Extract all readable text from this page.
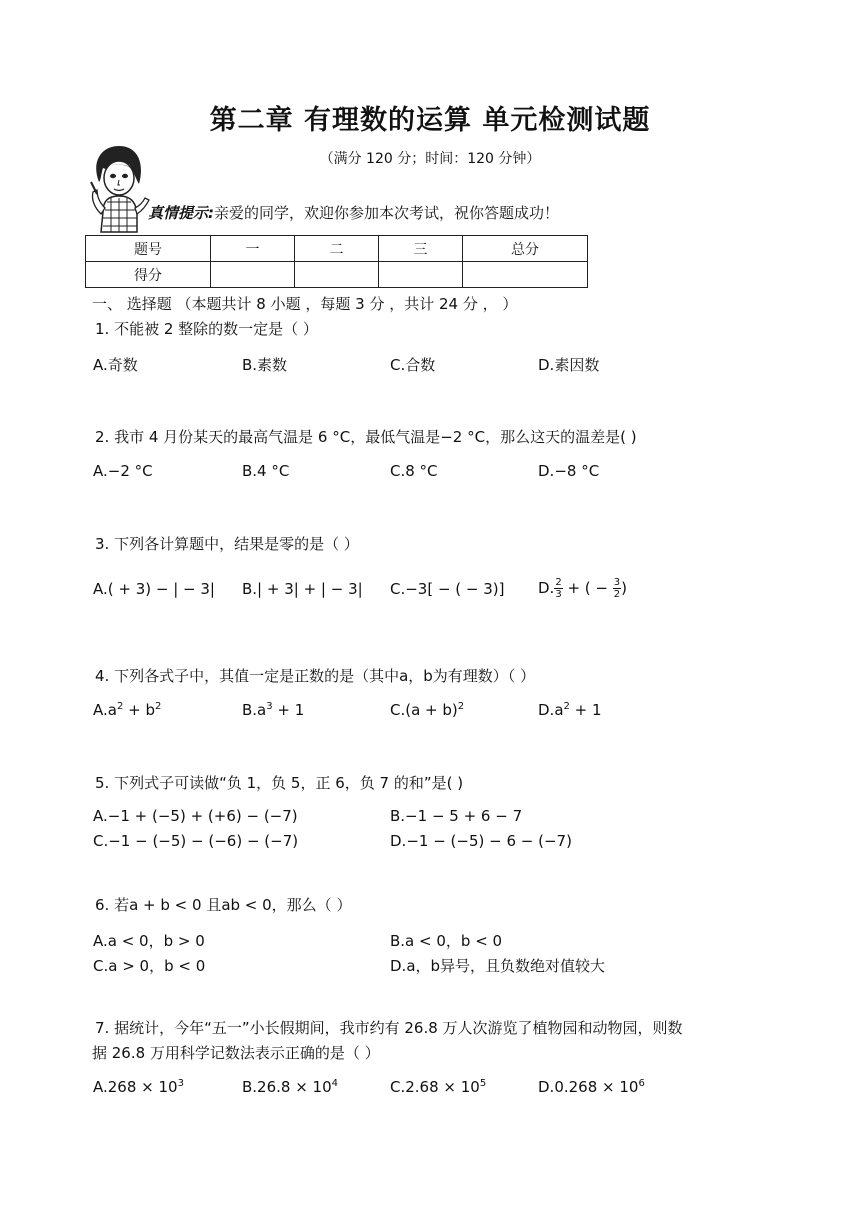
第二章 有理数的运算 单元检测试题
（满分 120 分；时间：120 分钟）
真情提示:亲爱的同学，欢迎你参加本次考试，祝你答题成功！
题号	一	二	三	总分
得分				
一、 选择题 （本题共计 8 小题 ，每题 3 分 ，共计 24 分 ， ）
1. 不能被 2 整除的数一定是（ ）
A.奇数	B.素数	C.合数	D.素因数
2. 我市 4 月份某天的最高气温是 6 °C，最低气温是−2 °C，那么这天的温差是( )
A.−2 °C	B.4 °C	C.8 °C	D.−8 °C
3. 下列各计算题中，结果是零的是（ ）
A.( + 3) − | − 3| B.| + 3| + | − 3| C.−3[ − ( − 3)] D. $\frac{2}{3}$ + ( − $\frac{3}{2}$ )
4. 下列各式子中，其值一定是正数的是（其中a，b为有理数）（ ）
$A.a^2 + b^2$	$B.a^3 + 1$	$C.(a + b)^2$	$D.a^2 + 1$
5. 下列式子可读做“负 1，负 5，正 6，负 7 的和”是( )
A.−1 + (−5) + (+6) − (−7)	B.−1 − 5 + 6 − 7
C.−1 − (−5) − (−6) − (−7)	D.−1 − (−5) − 6 − (−7)
6. 若a + b < 0 且ab < 0，那么（ ）
A.a < 0，b > 0	B.a < 0，b < 0
C.a > 0，b < 0	D.a，b异号，且负数绝对值较大
7. 据统计，今年“五一”小长假期间，我市约有 26.8 万人次游览了植物园和动物园，则数
据 26.8 万用科学记数法表示正确的是（ ）
$A.268 \times 10^3$	$B.26.8 \times 10^4$	$C.2.68 \times 10^5$	$D.0.268 \times 10^6$
